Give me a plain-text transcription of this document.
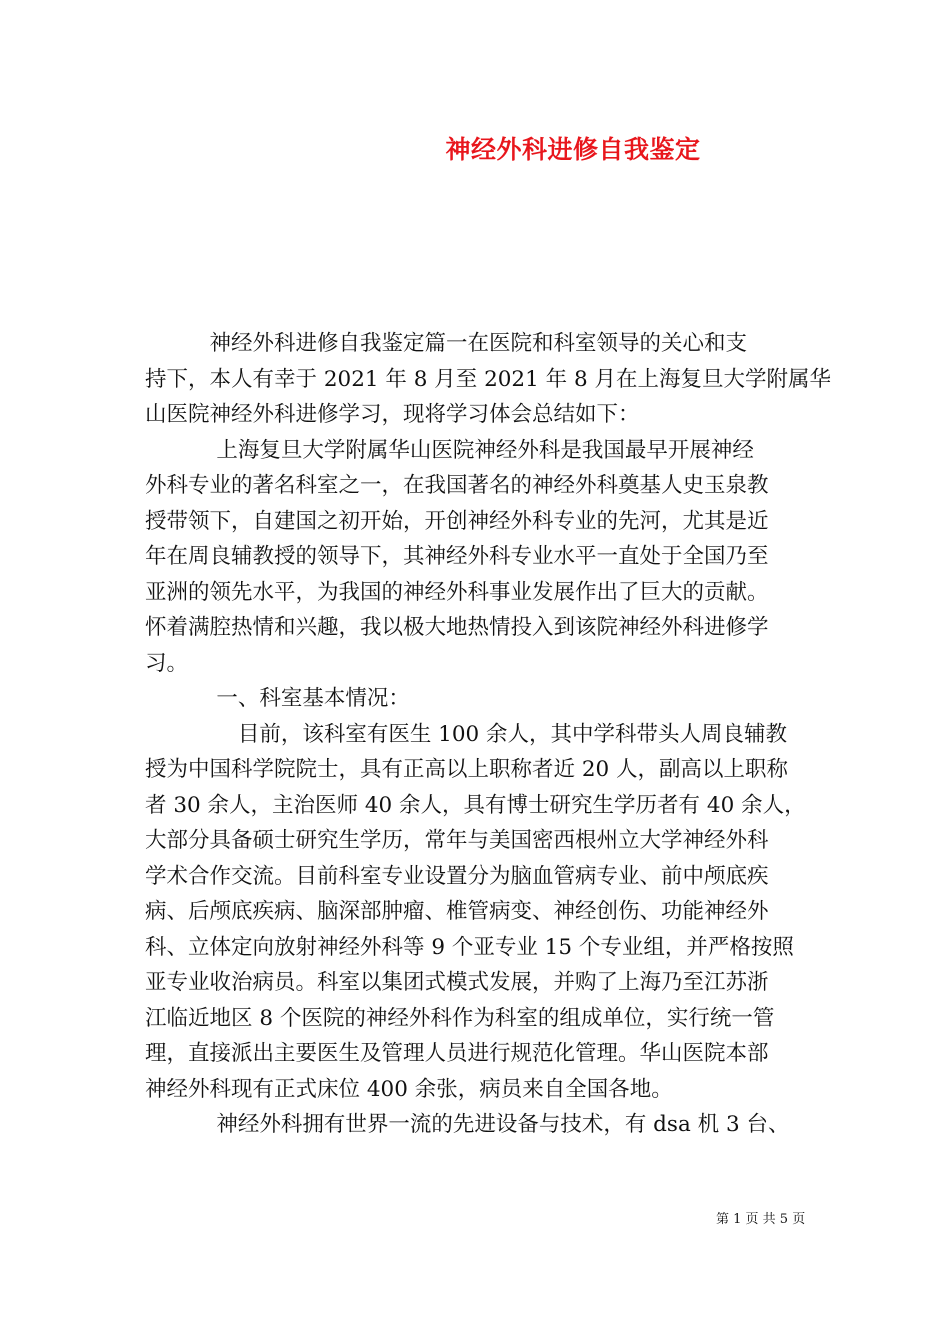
神经外科进修自我鉴定
　　　神经外科进修自我鉴定篇一在医院和科室领导的关心和支
持下，本人有幸于 2021 年 8 月至 2021 年 8 月在上海复旦大学附属华
山医院神经外科进修学习，现将学习体会总结如下：
　　　 上海复旦大学附属华山医院神经外科是我国最早开展神经
外科专业的著名科室之一，在我国著名的神经外科奠基人史玉泉教
授带领下，自建国之初开始，开创神经外科专业的先河，尤其是近
年在周良辅教授的领导下，其神经外科专业水平一直处于全国乃至
亚洲的领先水平，为我国的神经外科事业发展作出了巨大的贡献。
怀着满腔热情和兴趣，我以极大地热情投入到该院神经外科进修学
习。
　　　 一、科室基本情况：
　　　　 目前，该科室有医生 100 余人，其中学科带头人周良辅教
授为中国科学院院士，具有正高以上职称者近 20 人，副高以上职称
者 30 余人，主治医师 40 余人，具有博士研究生学历者有 40 余人，
大部分具备硕士研究生学历，常年与美国密西根州立大学神经外科
学术合作交流。目前科室专业设置分为脑血管病专业、前中颅底疾
病、后颅底疾病、脑深部肿瘤、椎管病变、神经创伤、功能神经外
科、立体定向放射神经外科等 9 个亚专业 15 个专业组，并严格按照
亚专业收治病员。科室以集团式模式发展，并购了上海乃至江苏浙
江临近地区 8 个医院的神经外科作为科室的组成单位，实行统一管
理，直接派出主要医生及管理人员进行规范化管理。华山医院本部
神经外科现有正式床位 400 余张，病员来自全国各地。
　　　 神经外科拥有世界一流的先进设备与技术，有 dsa 机 3 台、
第 1 页 共 5 页
